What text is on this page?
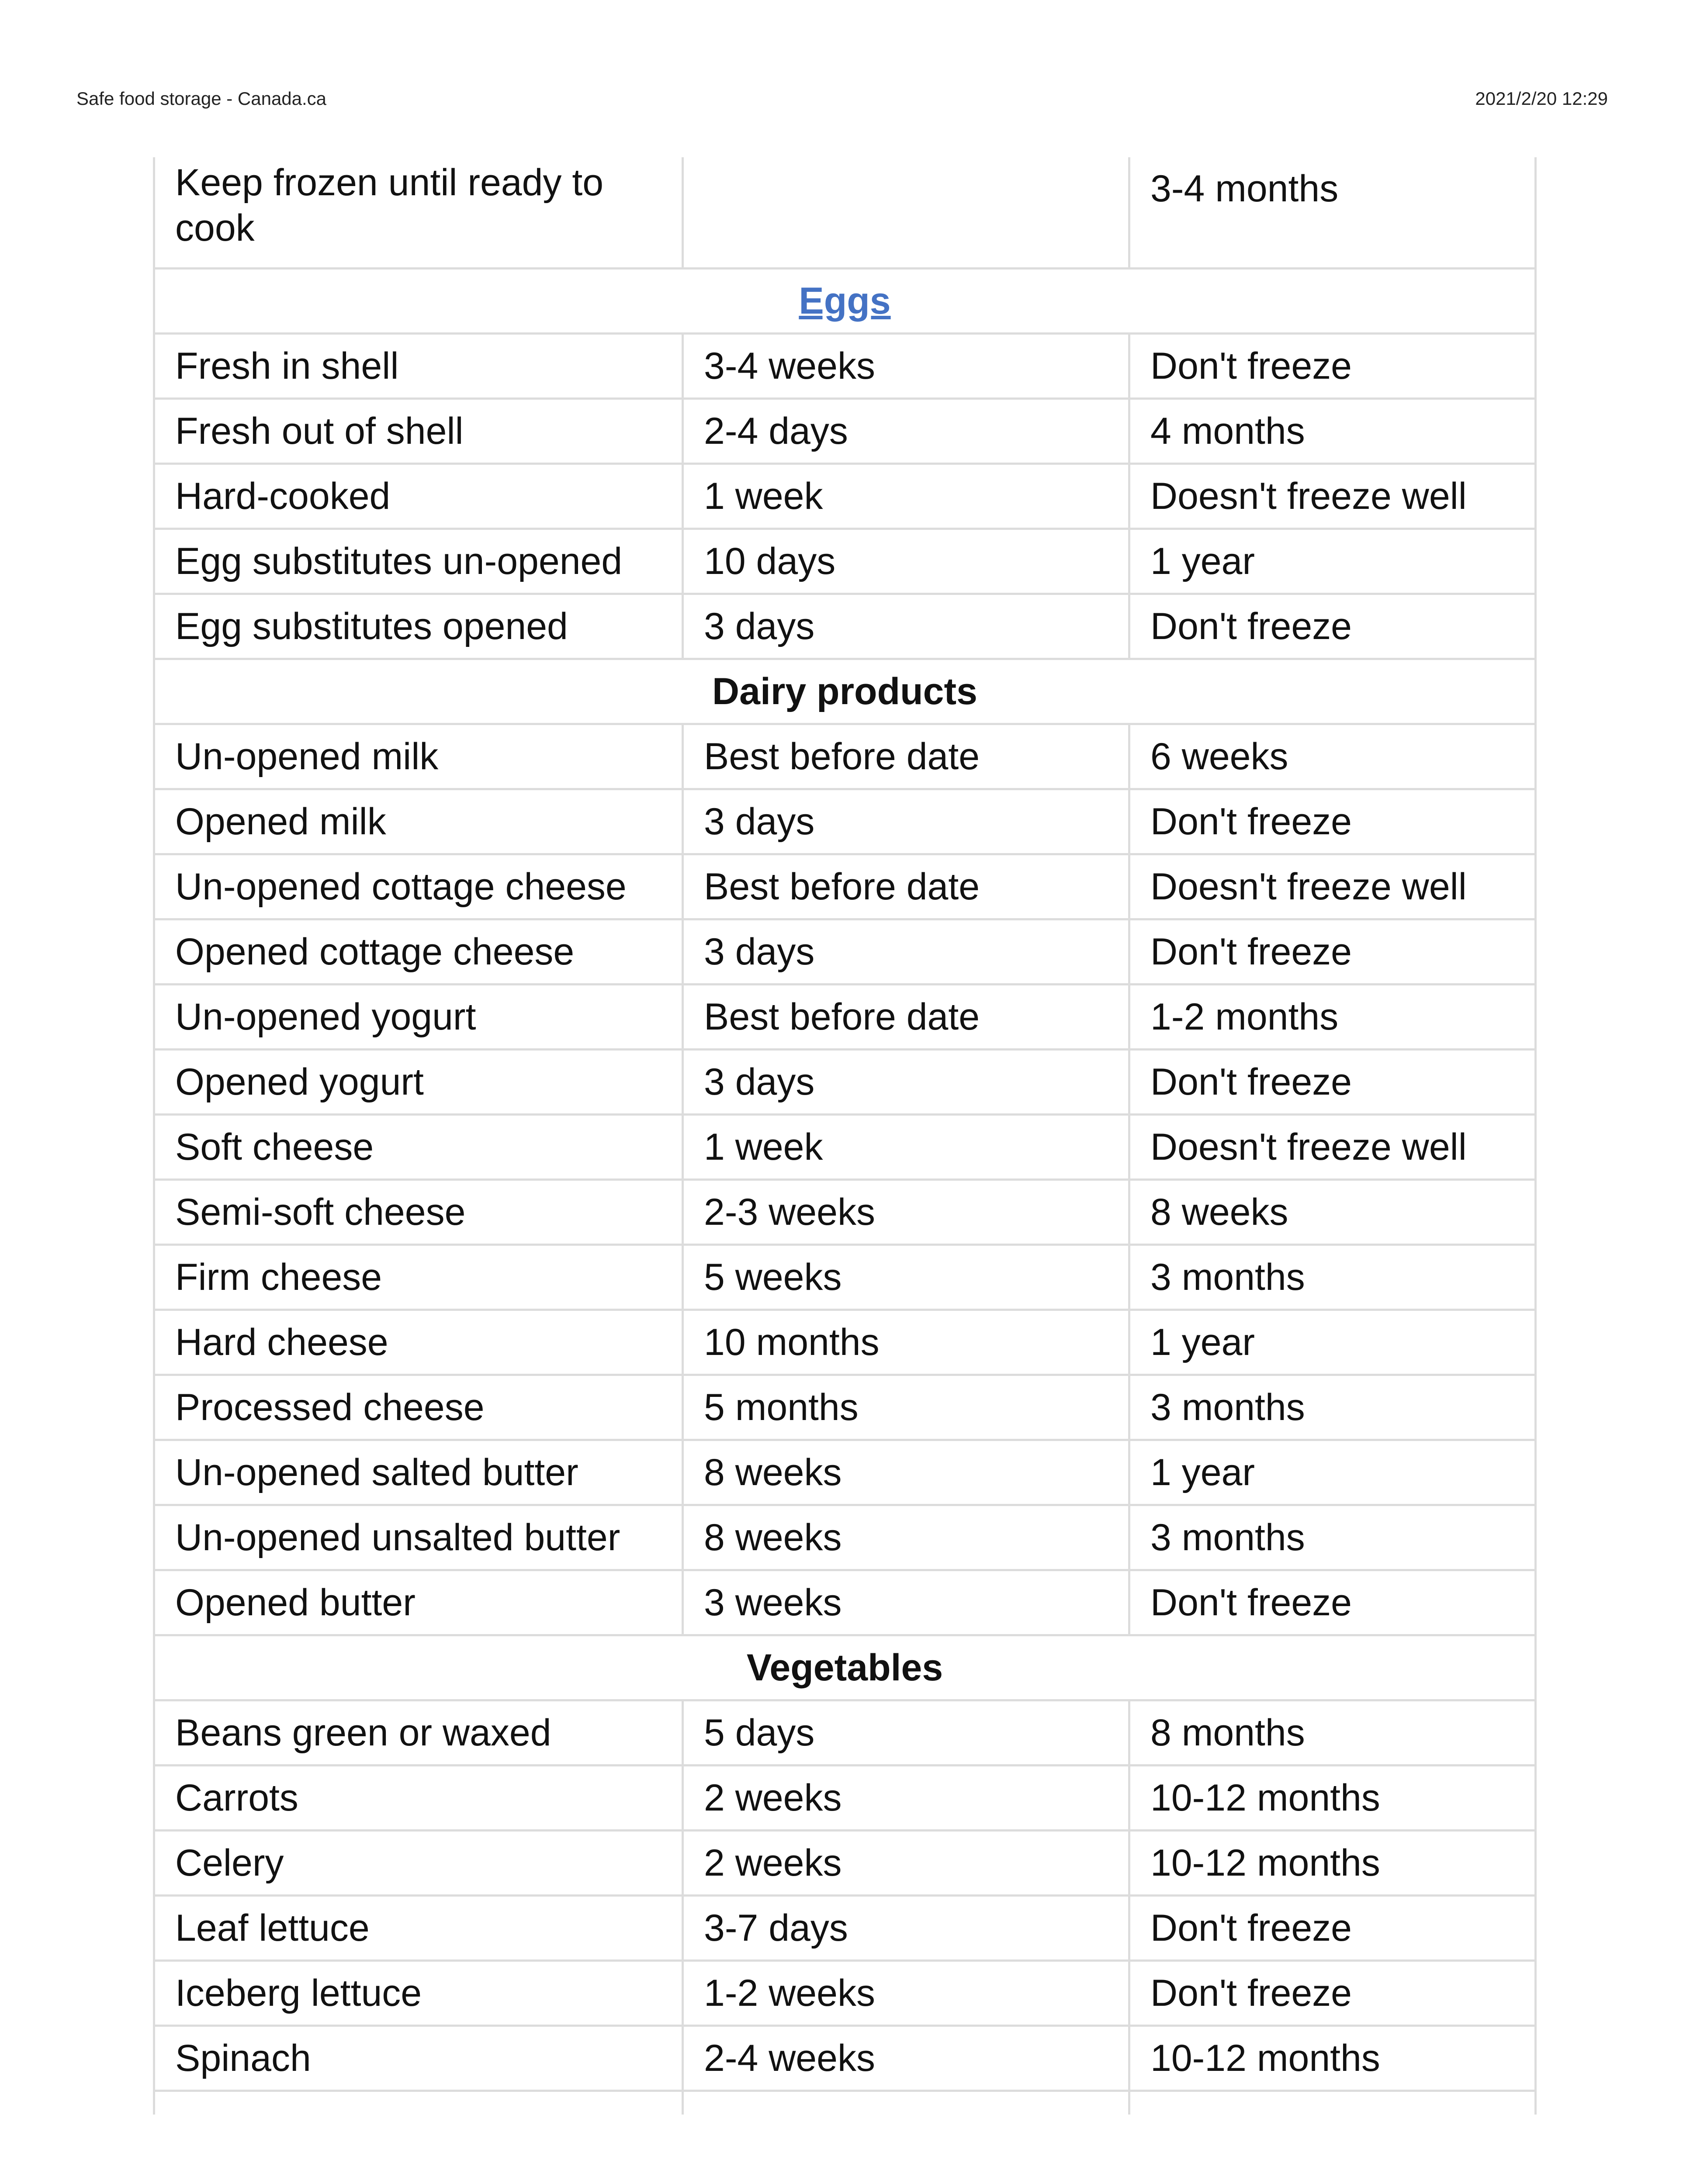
Safe food storage - Canada.ca	2021/2/20 12:29
Keep frozen until ready to cook		3-4 months
Eggs		
Fresh in shell	3-4 weeks	Don't freeze
Fresh out of shell	2-4 days	4 months
Hard-cooked	1 week	Doesn't freeze well
Egg substitutes un-opened	10 days	1 year
Egg substitutes opened	3 days	Don't freeze
Dairy products		
Un-opened milk	Best before date	6 weeks
Opened milk	3 days	Don't freeze
Un-opened cottage cheese	Best before date	Doesn't freeze well
Opened cottage cheese	3 days	Don't freeze
Un-opened yogurt	Best before date	1-2 months
Opened yogurt	3 days	Don't freeze
Soft cheese	1 week	Doesn't freeze well
Semi-soft cheese	2-3 weeks	8 weeks
Firm cheese	5 weeks	3 months
Hard cheese	10 months	1 year
Processed cheese	5 months	3 months
Un-opened salted butter	8 weeks	1 year
Un-opened unsalted butter	8 weeks	3 months
Opened butter	3 weeks	Don't freeze
Vegetables		
Beans green or waxed	5 days	8 months
Carrots	2 weeks	10-12 months
Celery	2 weeks	10-12 months
Leaf lettuce	3-7 days	Don't freeze
Iceberg lettuce	1-2 weeks	Don't freeze
Spinach	2-4 weeks	10-12 months
